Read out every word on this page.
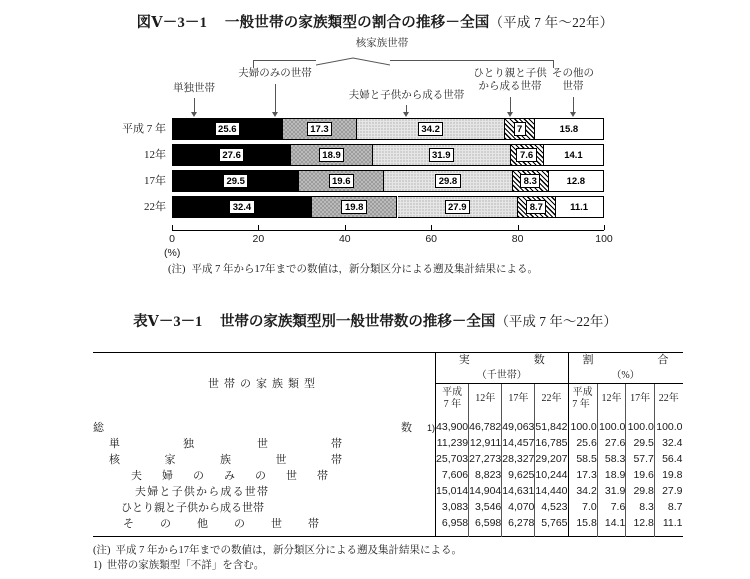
図Ⅴ－3－1 一般世帯の家族類型の割合の推移－全国（平成 7 年～22年）
核家族世帯
単独世帯
夫婦のみの世帯
夫婦と子供から成る世帯
ひとり親と子供
から成る世帯
その他の
世帯
平成 7 年
12年
17年
22年
25.6	17.3	34.2	7	15.8
27.6	18.9	31.9	7.6	14.1
29.5	19.6	29.8	8.3	12.8
32.4	19.8	27.9	8.7	11.1
0	20	40	60	80	100
(%)
(注) 平成 7 年から17年までの数値は，新分類区分による遡及集計結果による。
表Ⅴ－3－1 世帯の家族類型別一般世帯数の推移－全国（平成 7 年～22年）
世帯の家族類型	実　　数				割　　合			
	（千世帯）				（%）			
	平成
7 年	12年	17年	22年	平成
7 年	12年	17年	22年
総　　　　　　　　　　　　　数 1)	43,900	46,782	49,063	51,842	100.0	100.0	100.0	100.0
単　　　独　　　世　　　帯	11,239	12,911	14,457	16,785	25.6	27.6	29.5	32.4
核　　家　　族　　世　　帯	25,703	27,273	28,327	29,207	58.5	58.3	57.7	56.4
夫　婦　の　み　の　世　帯	7,606	8,823	9,625	10,244	17.3	18.9	19.6	19.8
夫婦と子供から成る世帯	15,014	14,904	14,631	14,440	34.2	31.9	29.8	27.9
ひとり親と子供から成る世帯	3,083	3,546	4,070	4,523	7.0	7.6	8.3	8.7
そ　の　他　の　世　帯	6,958	6,598	6,278	5,765	15.8	14.1	12.8	11.1

(注) 平成 7 年から17年までの数値は，新分類区分による遡及集計結果による。
1) 世帯の家族類型「不詳」を含む。
